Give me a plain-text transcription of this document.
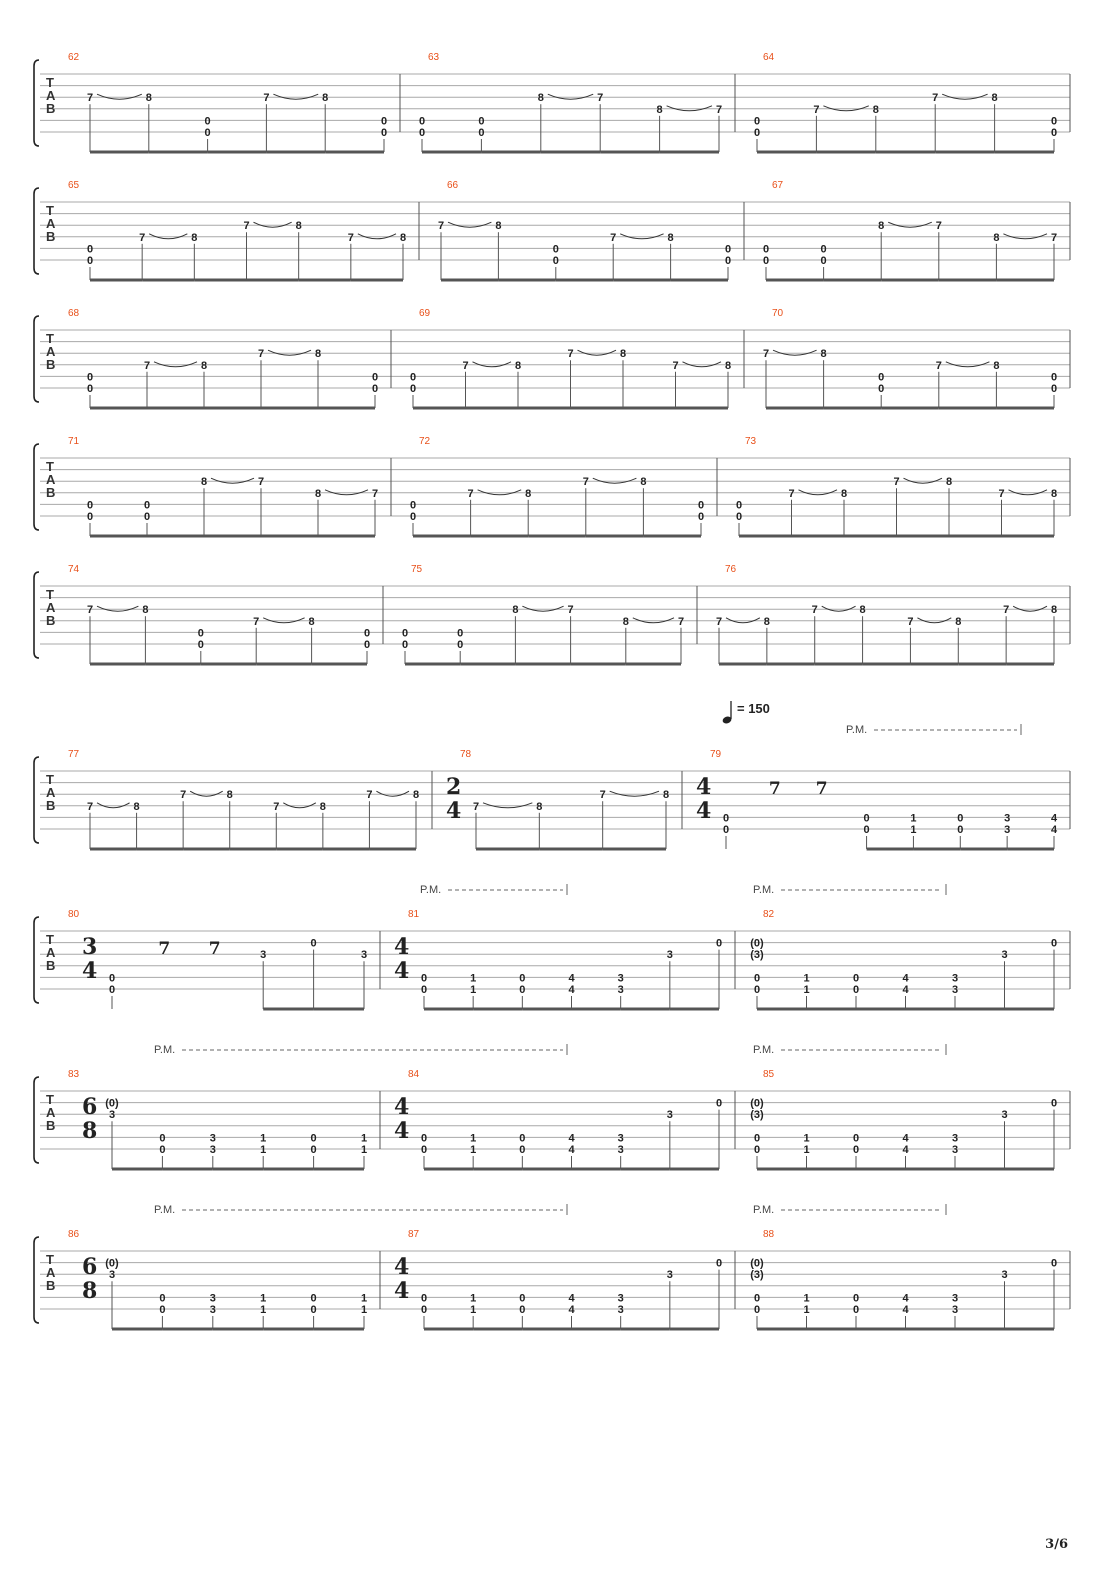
= 150
P.M.
P.M.	P.M.
P.M.	P.M.
P.M.	P.M.
T
A
B
62
7	8
0
0
7	8
0
0
63
0
0
0
0
8	7
8	7
64
0
0
7	8
7	8
0
0
T
A
B
65
0
0
7	8
7	8
7	8
66
7	8
0
0
7	8
0
0
67
0
0
0
0
8	7
8	7
T
A
B
68
0
0
7	8
7	8
0
0
69
0
0
7	8
7	8
7	8
70
7	8
0
0
7	8
0
0
T
A
B
71
0
0
0
0
8	7
8	7
72
0
0
7	8
7	8
0
0
73
0
0
7	8
7	8
7	8
T
A
B
74
7	8
0
0
7	8
0
0
75
0
0
0
0
8	7
8	7
76
7	8
7	8
7	8
7	8
T
A
B
77
7	8
7	8
7	8
7	8
78
2
4 7	8
7	8
79
4
4 0
0
7 7
0
0
1
1
0
0
3
3
4
4
T
A
B
80
3
4 0
0
7 7	3
0
3
81
4
4 0
0
1
1
0
0
4
4
3
3
3
0
82
(0)
(3)
0
0
1
1
0
0
4
4
3
3
3
0
T
A
B
83
6
8
(0)
3
0
0
3
3
1
1
0
0
1
1
84
4
4 0
0
1
1
0
0
4
4
3
3
3
0
85
(0)
(3)
0
0
1
1
0
0
4
4
3
3
3
0
T
A
B
86
6
8
(0)
3
0
0
3
3
1
1
0
0
1
1
87
4
4 0
0
1
1
0
0
4
4
3
3
3
0
88
(0)
(3)
0
0
1
1
0
0
4
4
3
3
3
0
3/6
